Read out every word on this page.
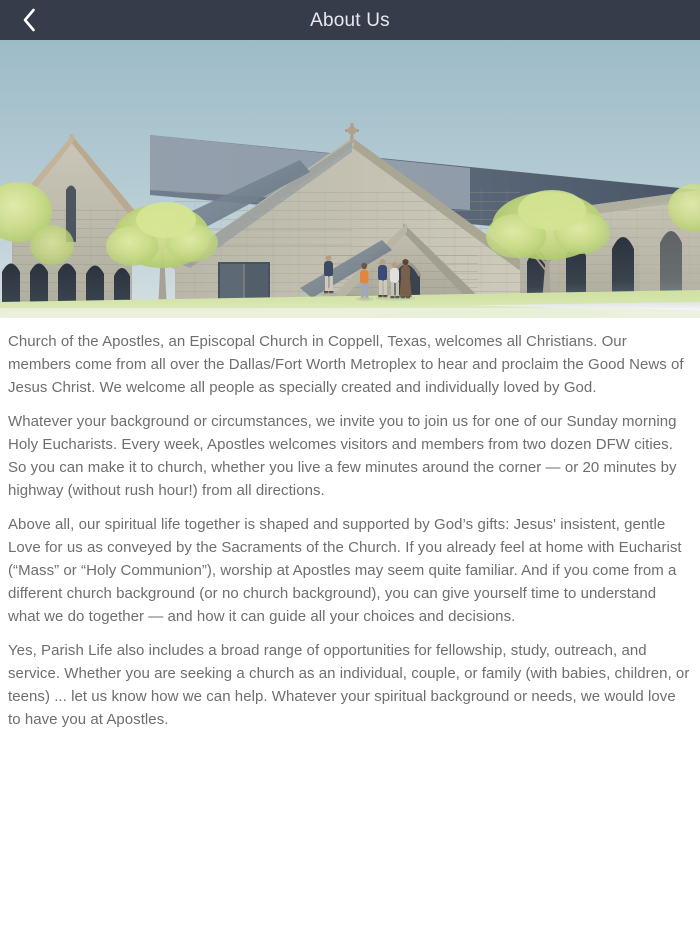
About Us

Church of the Apostles, an Episcopal Church in Coppell, Texas, welcomes all Christians. Our members come from all over the Dallas/Fort Worth Metroplex to hear and proclaim the Good News of Jesus Christ. We welcome all people as specially created and individually loved by God.

Whatever your background or circumstances, we invite you to join us for one of our Sunday morning Holy Eucharists. Every week, Apostles welcomes visitors and members from two dozen DFW cities. So you can make it to church, whether you live a few minutes around the corner — or 20 minutes by highway (without rush hour!) from all directions.

Above all, our spiritual life together is shaped and supported by God’s gifts: Jesus' insistent, gentle Love for us as conveyed by the Sacraments of the Church. If you already feel at home with Eucharist (“Mass” or “Holy Communion”), worship at Apostles may seem quite familiar. And if you come from a different church background (or no church background), you can give yourself time to understand what we do together — and how it can guide all your choices and decisions.

Yes, Parish Life also includes a broad range of opportunities for fellowship, study, outreach, and service. Whether you are seeking a church as an individual, couple, or family (with babies, children, or teens) ... let us know how we can help. Whatever your spiritual background or needs, we would love to have you at Apostles.
